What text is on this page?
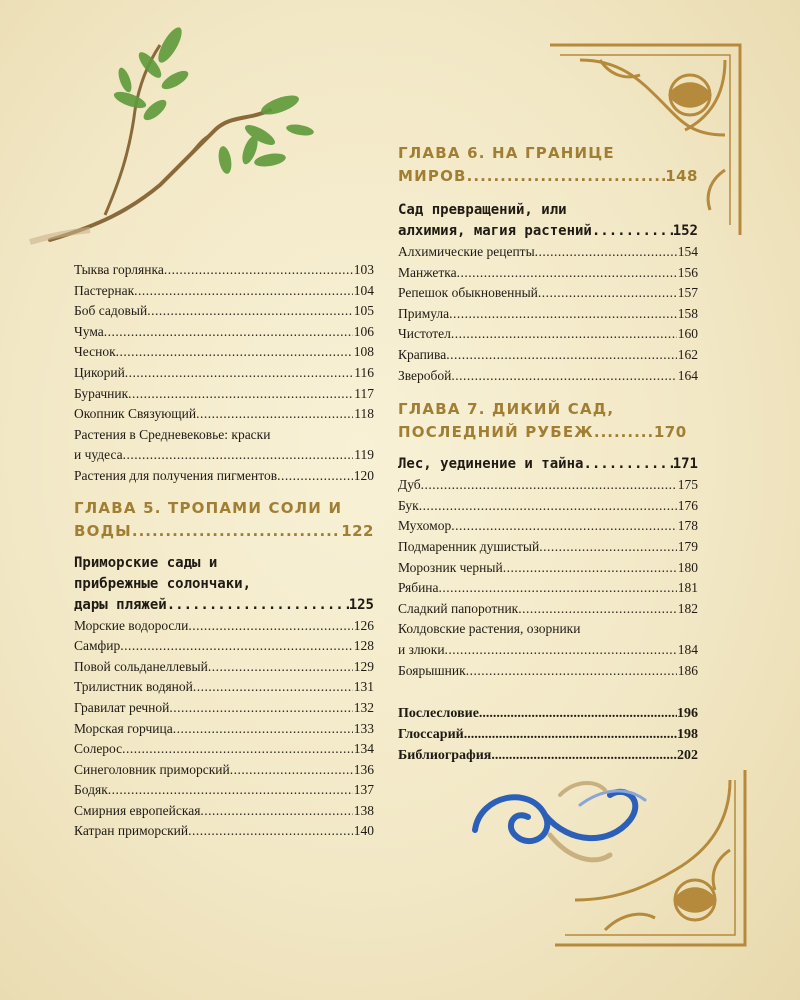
Тыква горлянка .....	103
Пастернак .....	104
Боб садовый .....	105
Чума .....	106
Чеснок .....	108
Цикорий .....	116
Бурачник .....	117
Окопник Связующий .....	118
Растения в Средневековье: краски
и чудеса .....	119
Растения для получения пигментов .....	120
ГЛАВА 5. ТРОПАМИ СОЛИ И
ВОДЫ .....	122
Приморские сады и
прибрежные солончаки,
дары пляжей .....	125
Морские водоросли .....	126
Самфир .....	128
Повой сольданеллевый .....	129
Трилистник водяной .....	131
Гравилат речной .....	132
Морская горчица .....	133
Солерос .....	134
Синеголовник приморский .....	136
Бодяк .....	137
Смирния европейская .....	138
Катран приморский .....	140
ГЛАВА 6. НА ГРАНИЦЕ
МИРОВ .....	148
Сад превращений, или
алхимия, магия растений .....	152
Алхимические рецепты .....	154
Манжетка .....	156
Репешок обыкновенный .....	157
Примула .....	158
Чистотел .....	160
Крапива .....	162
Зверобой .....	164
ГЛАВА 7. ДИКИЙ САД,
ПОСЛЕДНИЙ РУБЕЖ .....	170
Лес, уединение и тайна .....	171
Дуб .....	175
Бук .....	176
Мухомор .....	178
Подмаренник душистый .....	179
Морозник черный .....	180
Рябина .....	181
Сладкий папоротник .....	182
Колдовские растения, озорники
и злюки .....	184
Боярышник .....	186
Послесловие .....	196
Глоссарий .....	198
Библиография .....	202
